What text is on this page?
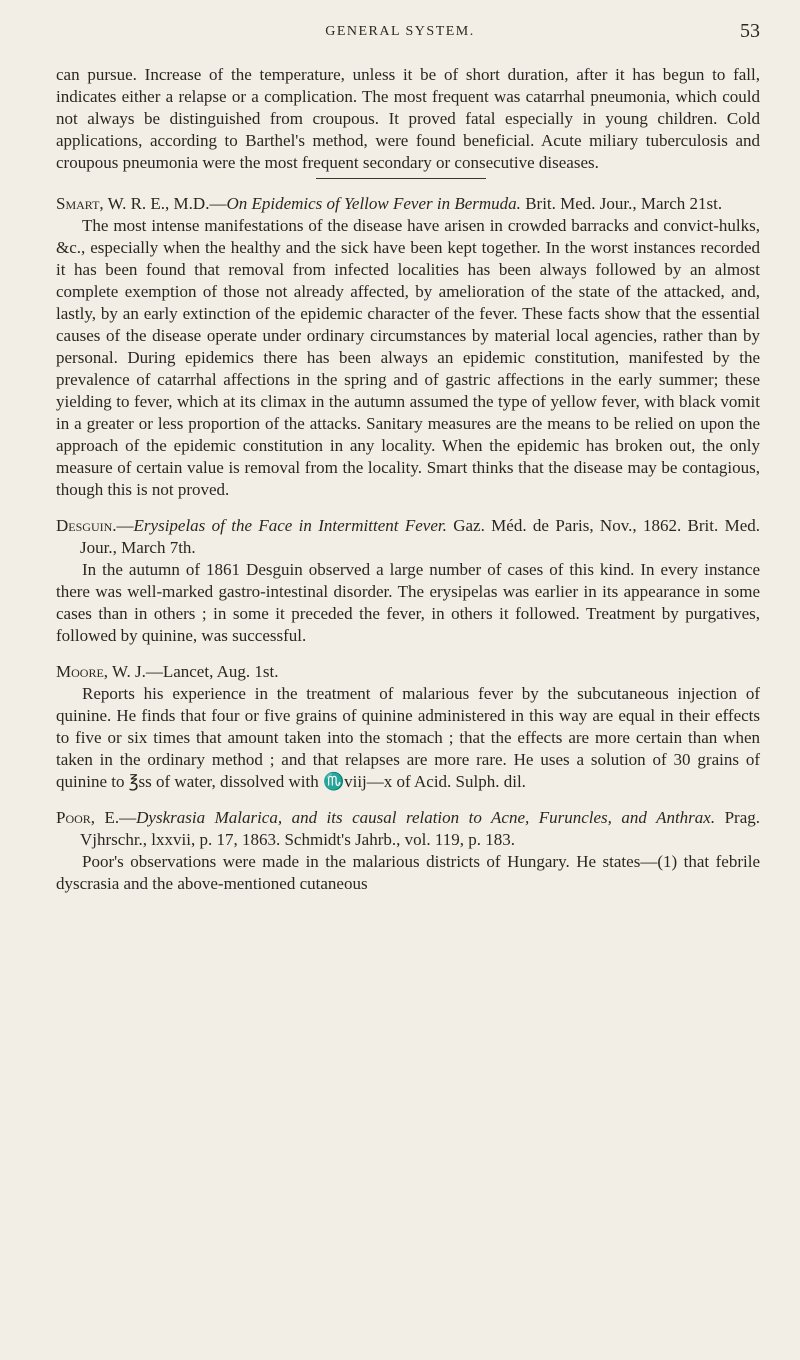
GENERAL SYSTEM.	53

can pursue. Increase of the temperature, unless it be of short duration, after it has begun to fall, indicates either a relapse or a complication. The most frequent was catarrhal pneumonia, which could not always be distinguished from croupous. It proved fatal especially in young children. Cold applications, according to Barthel's method, were found beneficial. Acute miliary tuberculosis and croupous pneumonia were the most frequent secondary or consecutive diseases.

Smart, W. R. E., M.D.—On Epidemics of Yellow Fever in Bermuda. Brit. Med. Jour., March 21st.

The most intense manifestations of the disease have arisen in crowded barracks and convict-hulks, &c., especially when the healthy and the sick have been kept together. In the worst instances recorded it has been found that removal from infected localities has been always followed by an almost complete exemption of those not already affected, by amelioration of the state of the attacked, and, lastly, by an early extinction of the epidemic character of the fever. These facts show that the essential causes of the disease operate under ordinary circumstances by material local agencies, rather than by personal. During epidemics there has been always an epidemic constitution, manifested by the prevalence of catarrhal affections in the spring and of gastric affections in the early summer; these yielding to fever, which at its climax in the autumn assumed the type of yellow fever, with black vomit in a greater or less proportion of the attacks. Sanitary measures are the means to be relied on upon the approach of the epidemic constitution in any locality. When the epidemic has broken out, the only measure of certain value is removal from the locality. Smart thinks that the disease may be contagious, though this is not proved.

Desguin.—Erysipelas of the Face in Intermittent Fever. Gaz. Méd. de Paris, Nov., 1862. Brit. Med. Jour., March 7th.

In the autumn of 1861 Desguin observed a large number of cases of this kind. In every instance there was well-marked gastro-intestinal disorder. The erysipelas was earlier in its appearance in some cases than in others ; in some it preceded the fever, in others it followed. Treatment by purgatives, followed by quinine, was successful.

Moore, W. J.—Lancet, Aug. 1st.

Reports his experience in the treatment of malarious fever by the subcutaneous injection of quinine. He finds that four or five grains of quinine administered in this way are equal in their effects to five or six times that amount taken into the stomach ; that the effects are more certain than when taken in the ordinary method ; and that relapses are more rare. He uses a solution of 30 grains of quinine to ℥ss of water, dissolved with ♏viij—x of Acid. Sulph. dil.

Poor, E.—Dyskrasia Malarica, and its causal relation to Acne, Furuncles, and Anthrax. Prag. Vjhrschr., lxxvii, p. 17, 1863. Schmidt's Jahrb., vol. 119, p. 183.

Poor's observations were made in the malarious districts of Hungary. He states—(1) that febrile dyscrasia and the above-mentioned cutaneous
